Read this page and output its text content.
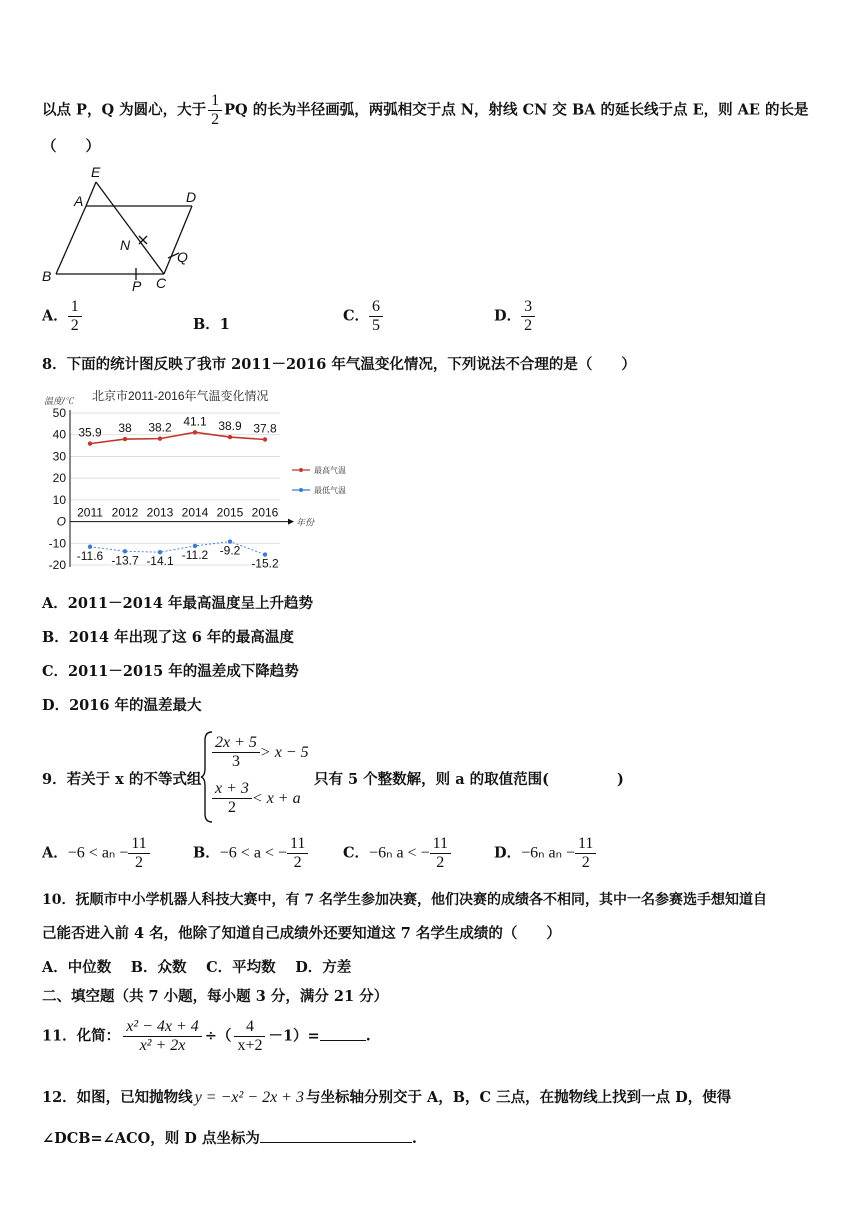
以点 P，Q 为圆心，大于 $\frac{1}{2}$ PQ 的长为半径画弧，两弧相交于点 N，射线 CN 交 BA 的延长线于点 E，则 AE 的长是
（　　）
E
A	D
N
Q
B
P C
A． $\frac{1}{2}$	B．1	C． $\frac{6}{5}$	D． $\frac{3}{2}$
8．下面的统计图反映了我市 2011－2016 年气温变化情况，下列说法不合理的是（　　）
北京市2011-2016年气温变化情况
温度/℃
50
40
30
20
10
O
-10
-20
年份
2011 2012 2013 2014 2015 2016
35.9 38 38.2 41.1 38.9 37.8
-11.6 -13.7 -14.1 -11.2 -9.2
-15.2
最高气温
最低气温
A．2011－2014 年最高温度呈上升趋势
B．2014 年出现了这 6 年的最高温度
C．2011－2015 年的温差成下降趋势
D．2016 年的温差最大
9．若关于 x 的不等式组
$\frac{2x + 5}{3} > x - 5$
$\frac{x + 3}{2} < x + a$
只有 5 个整数解，则 a 的取值范围(	)
A．$-6 < a_n - \frac{11}{2}$	B．−6 < a < − $\frac{11}{2}$ C．−6ₙ a < − $\frac{11}{2}$	D．−6ₙ $a_n - \frac{11}{2}$
10．抚顺市中小学机器人科技大赛中，有 7 名学生参加决赛，他们决赛的成绩各不相同，其中一名参赛选手想知道自
己能否进入前 4 名，他除了知道自己成绩外还要知道这 7 名学生成绩的（　　）
A．中位数　 B．众数　 C．平均数　 D．方差
二、填空题（共 7 小题，每小题 3 分，满分 21 分）
11．化简： $\frac{\text{x² − 4x + 4}}{\text{x² + 2x}}$ ÷（ $\frac{4}{x+2} -1)=$	.
12．如图，已知抛物线 y = −x² − 2x + 3 与坐标轴分别交于 A，B，C 三点，在抛物线上找到一点 D，使得
∠DCB=∠ACO，则 D 点坐标为	.
